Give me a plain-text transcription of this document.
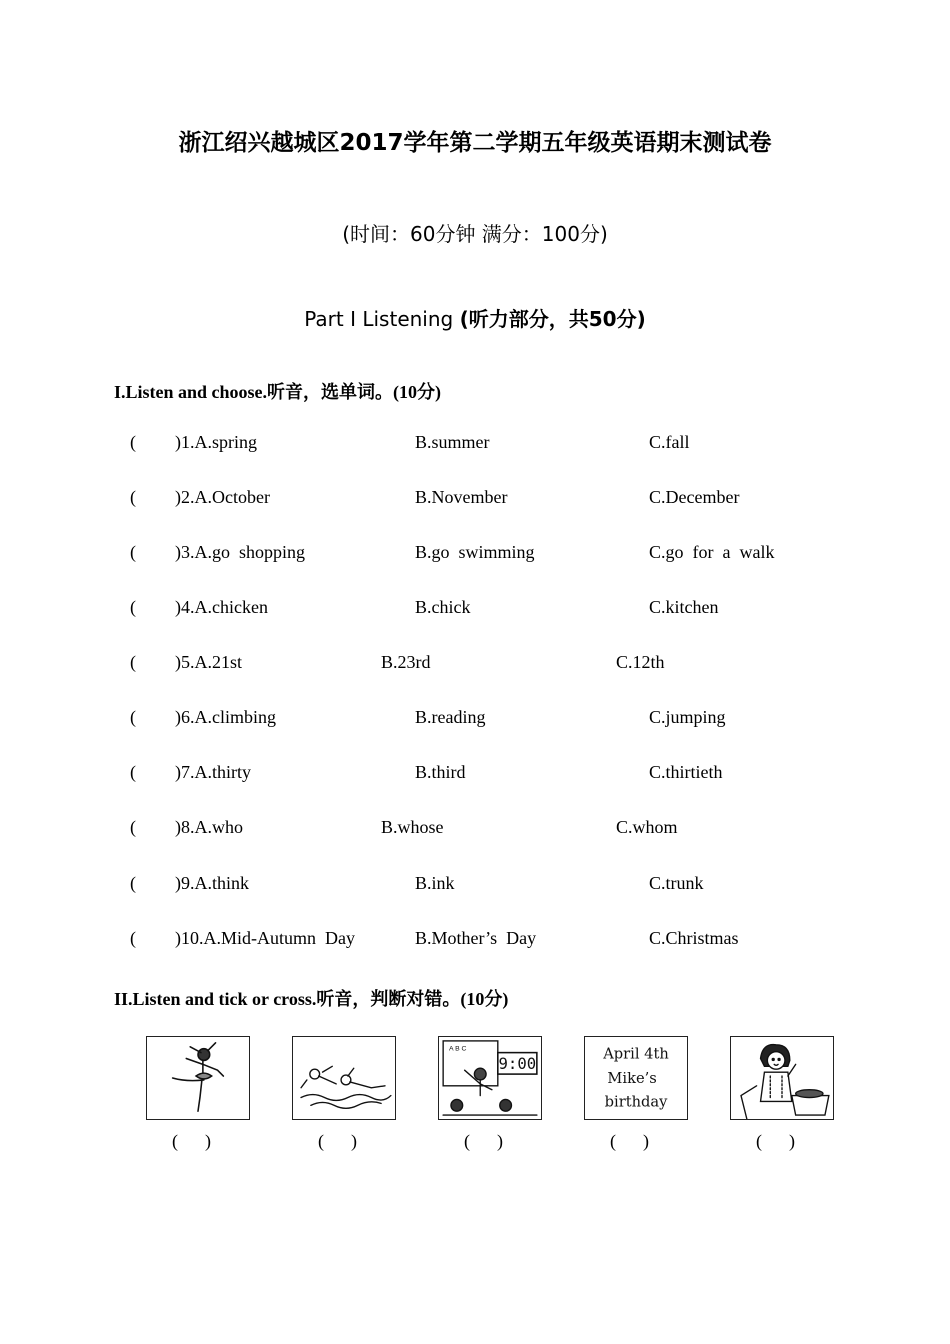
浙江绍兴越城区2017学年第二学期五年级英语期末测试卷
(时间：60分钟 满分：100分)
Part I Listening (听力部分，共50分)
I.Listen and choose.听音，选单词。(10分)
( )1.A.spring	B.summer	C.fall
( )2.A.October	B.November	C.December
( )3.A.go  shopping	B.go  swimming	C.go  for  a  walk
( )4.A.chicken	B.chick	C.kitchen
( )5.A.21st	B.23rd	C.12th
( )6.A.climbing	B.reading	C.jumping
( )7.A.thirty	B.third	C.thirtieth
( )8.A.who	B.whose	C.whom
( )9.A.think	B.ink	C.trunk
( )10.A.Mid-Autumn  Day	B.Mother’s  Day	C.Christmas
II.Listen and tick or cross.听音，判断对错。(10分)
(      )	(      )
A B C
9:00
(      )
April 4th
Mike’s
birthday
(      )	(      )
